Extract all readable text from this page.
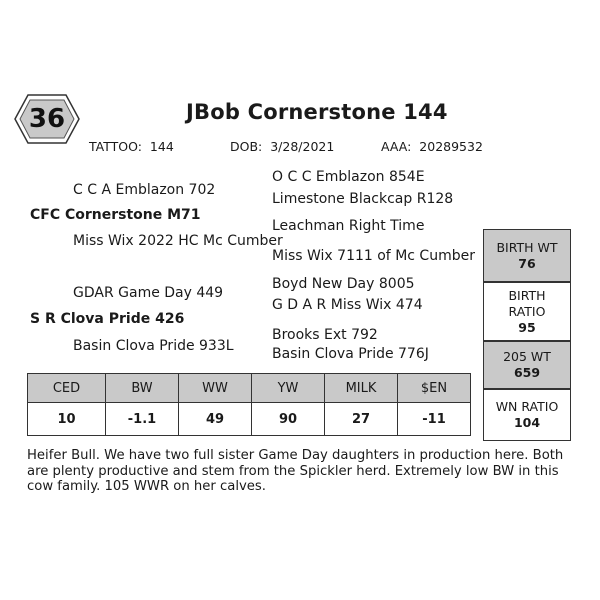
36	JBob Cornerstone 144
TATTOO: 144	DOB: 3/28/2021	AAA: 20289532
C C A Emblazon 702
CFC Cornerstone M71
Miss Wix 2022 HC Mc Cumber
GDAR Game Day 449
S R Clova Pride 426
Basin Clova Pride 933L
O C C Emblazon 854E
Limestone Blackcap R128
Leachman Right Time
Miss Wix 7111 of Mc Cumber
Boyd New Day 8005
G D A R Miss Wix 474
Brooks Ext 792
Basin Clova Pride 776J
BIRTH WT
76
BIRTH
RATIO
95
205 WT
659
WN RATIO
104
CED	BW	WW	YW	MILK	$EN
10	-1.1	49	90	27	-11
Heifer Bull. We have two full sister Game Day daughters in production here. Both are plenty productive and stem from the Spickler herd. Extremely low BW in this cow family. 105 WWR on her calves.
